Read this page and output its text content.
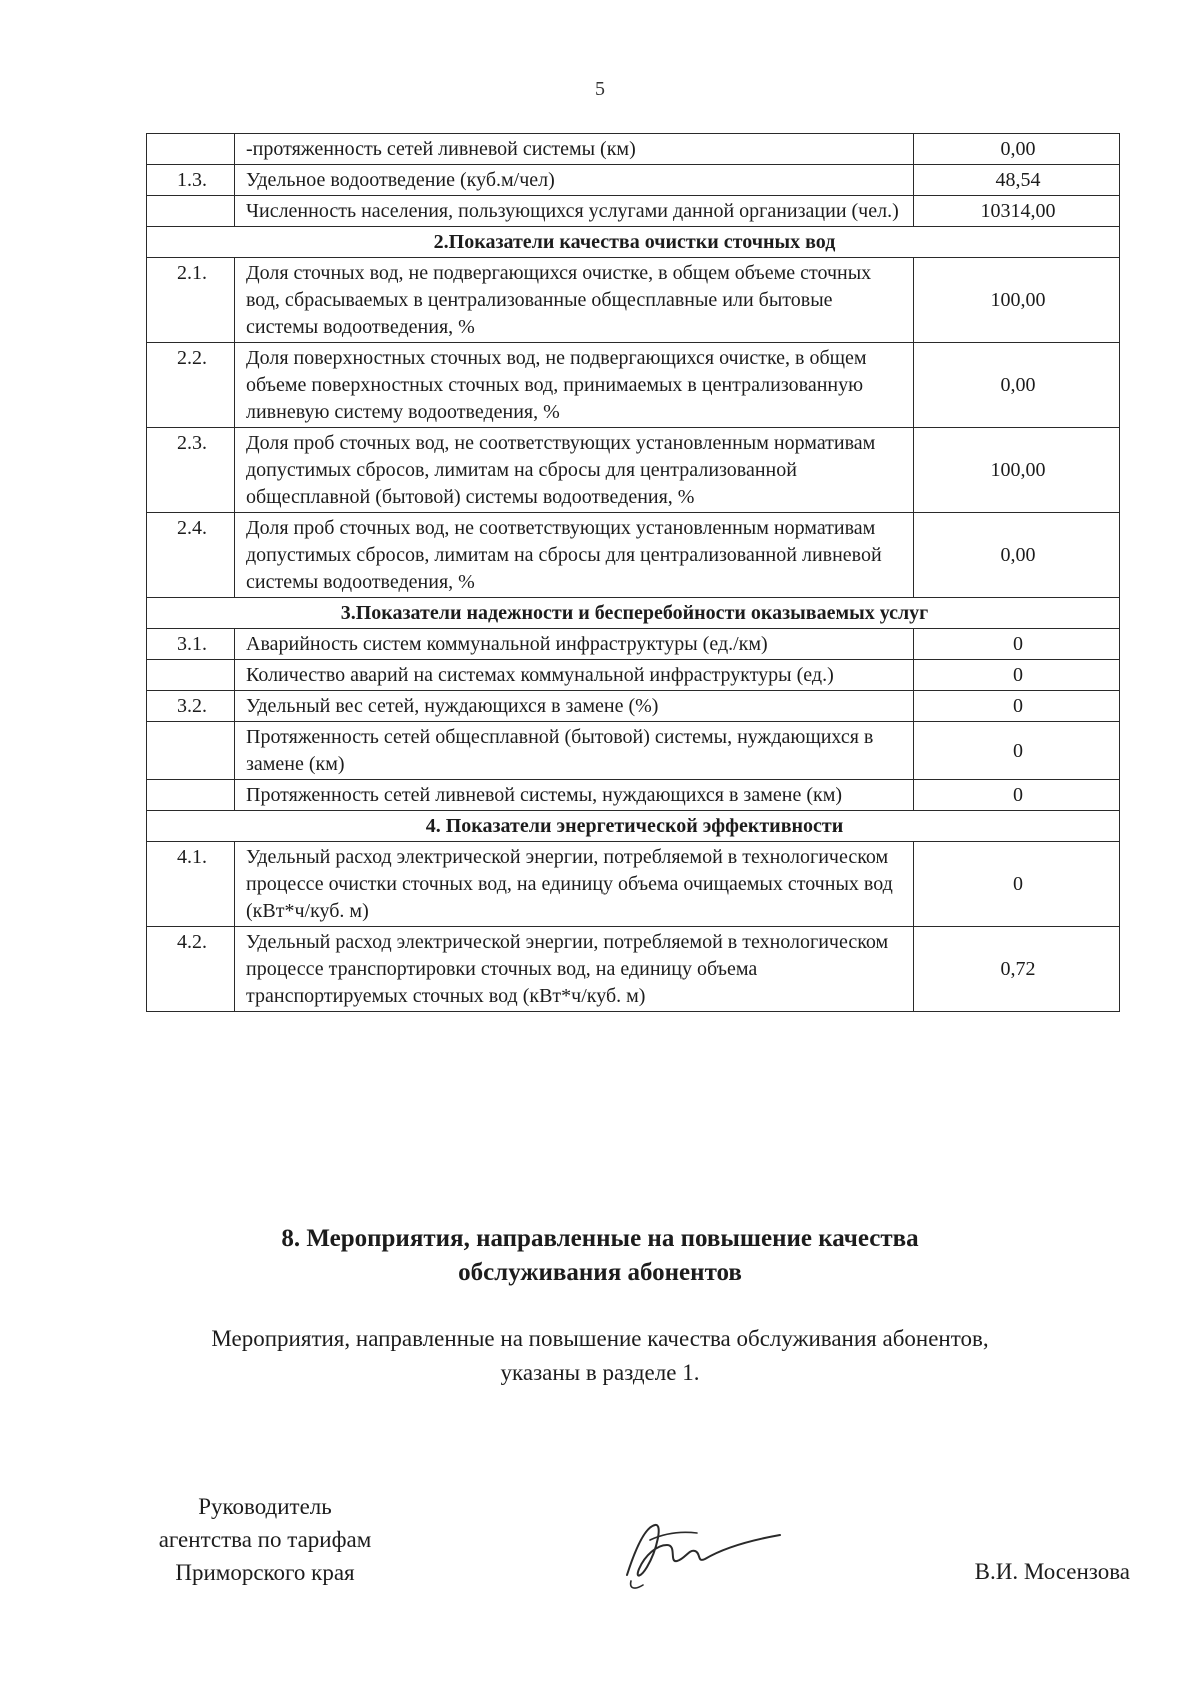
5
	-протяженность сетей ливневой системы (км)	0,00
1.3.	Удельное водоотведение (куб.м/чел)	48,54
	Численность населения, пользующихся услугами данной организации (чел.)	10314,00
2.Показатели качества очистки сточных вод		
2.1.	Доля сточных вод, не подвергающихся очистке, в общем объеме сточных вод, сбрасываемых в централизованные общесплавные или бытовые системы водоотведения, %	100,00
2.2.	Доля поверхностных сточных вод, не подвергающихся очистке, в общем объеме поверхностных сточных вод, принимаемых в централизованную ливневую систему водоотведения, %	0,00
2.3.	Доля проб сточных вод, не соответствующих установленным нормативам допустимых сбросов, лимитам на сбросы для централизованной общесплавной (бытовой) системы водоотведения, %	100,00
2.4.	Доля проб сточных вод, не соответствующих установленным нормативам допустимых сбросов, лимитам на сбросы для централизованной ливневой системы водоотведения, %	0,00
3.Показатели надежности и бесперебойности оказываемых услуг		
3.1.	Аварийность систем коммунальной инфраструктуры (ед./км)	0
	Количество аварий на системах коммунальной инфраструктуры (ед.)	0
3.2.	Удельный вес сетей, нуждающихся в замене (%)	0
	Протяженность сетей общесплавной (бытовой) системы, нуждающихся в замене (км)	0
	Протяженность сетей ливневой системы, нуждающихся в замене (км)	0
4. Показатели энергетической эффективности		
4.1.	Удельный расход электрической энергии, потребляемой в технологическом процессе очистки сточных вод, на единицу объема очищаемых сточных вод (кВт*ч/куб. м)	0
4.2.	Удельный расход электрической энергии, потребляемой в технологическом процессе транспортировки сточных вод, на единицу объема транспортируемых сточных вод (кВт*ч/куб. м)	0,72
8. Мероприятия, направленные на повышение качества
обслуживания абонентов
Мероприятия, направленные на повышение качества обслуживания абонентов,
указаны в разделе 1.
Руководитель
агентства по тарифам
Приморского края	В.И. Мосензова
